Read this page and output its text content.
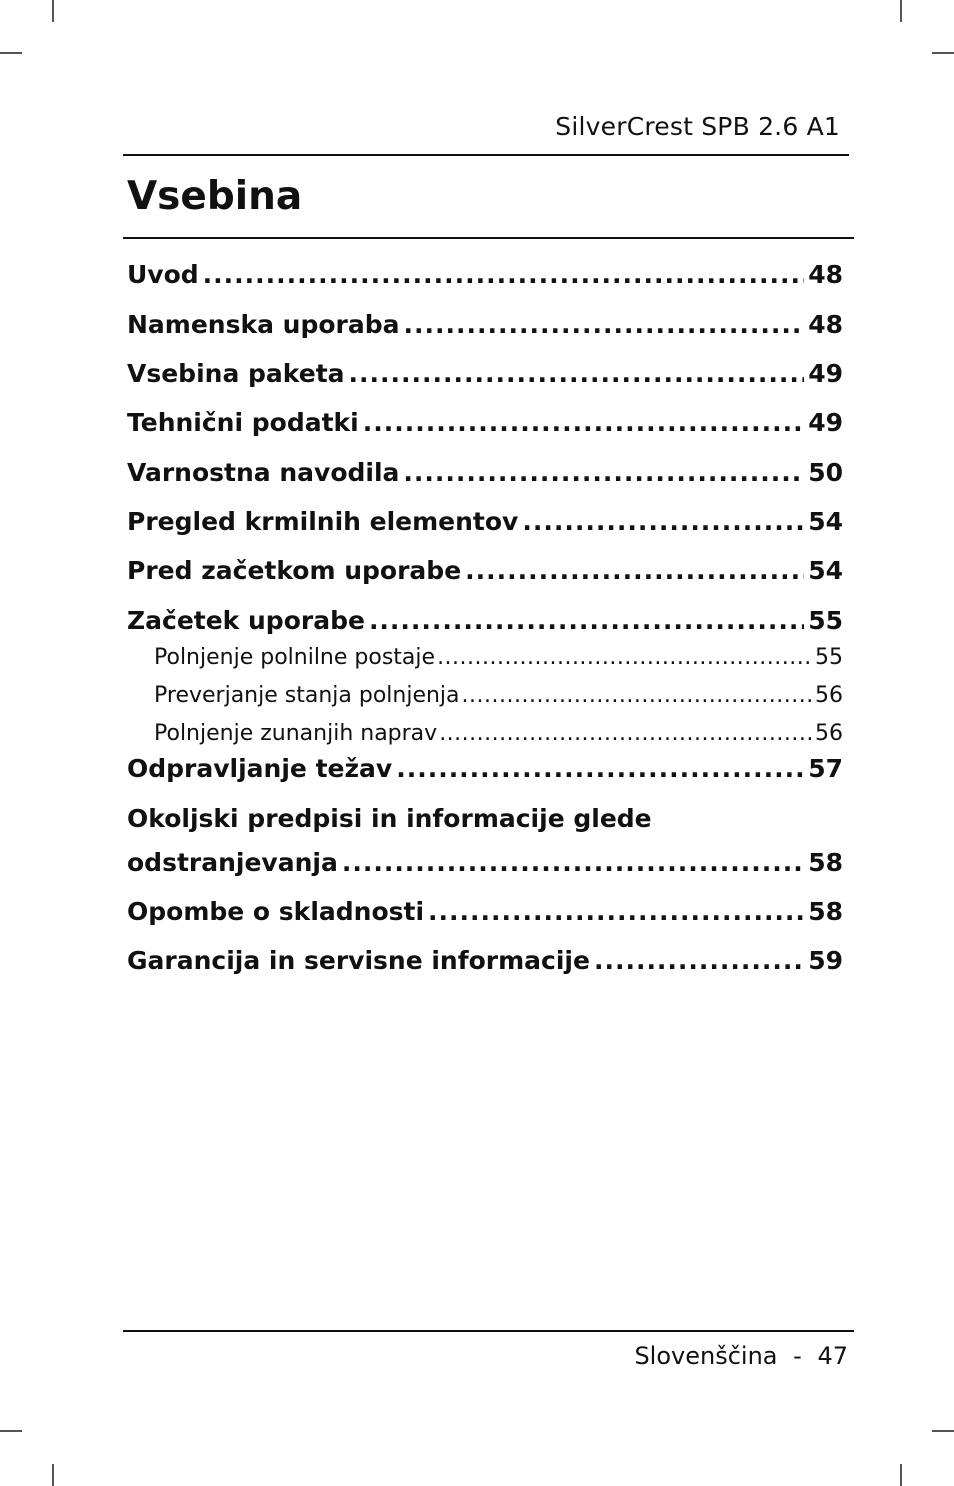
SilverCrest SPB 2.6 A1
Vsebina
Uvod .....	48
Namenska uporaba .....	48
Vsebina paketa .....	49
Tehnični podatki .....	49
Varnostna navodila .....	50
Pregled krmilnih elementov .....	54
Pred začetkom uporabe .....	54
Začetek uporabe .....	55
Polnjenje polnilne postaje .....	55
Preverjanje stanja polnjenja .....	56
Polnjenje zunanjih naprav .....	56
Odpravljanje težav .....	57
Okoljski predpisi in informacije glede
odstranjevanja .....	58
Opombe o skladnosti .....	58
Garancija in servisne informacije .....	59
Slovenščina - 47
